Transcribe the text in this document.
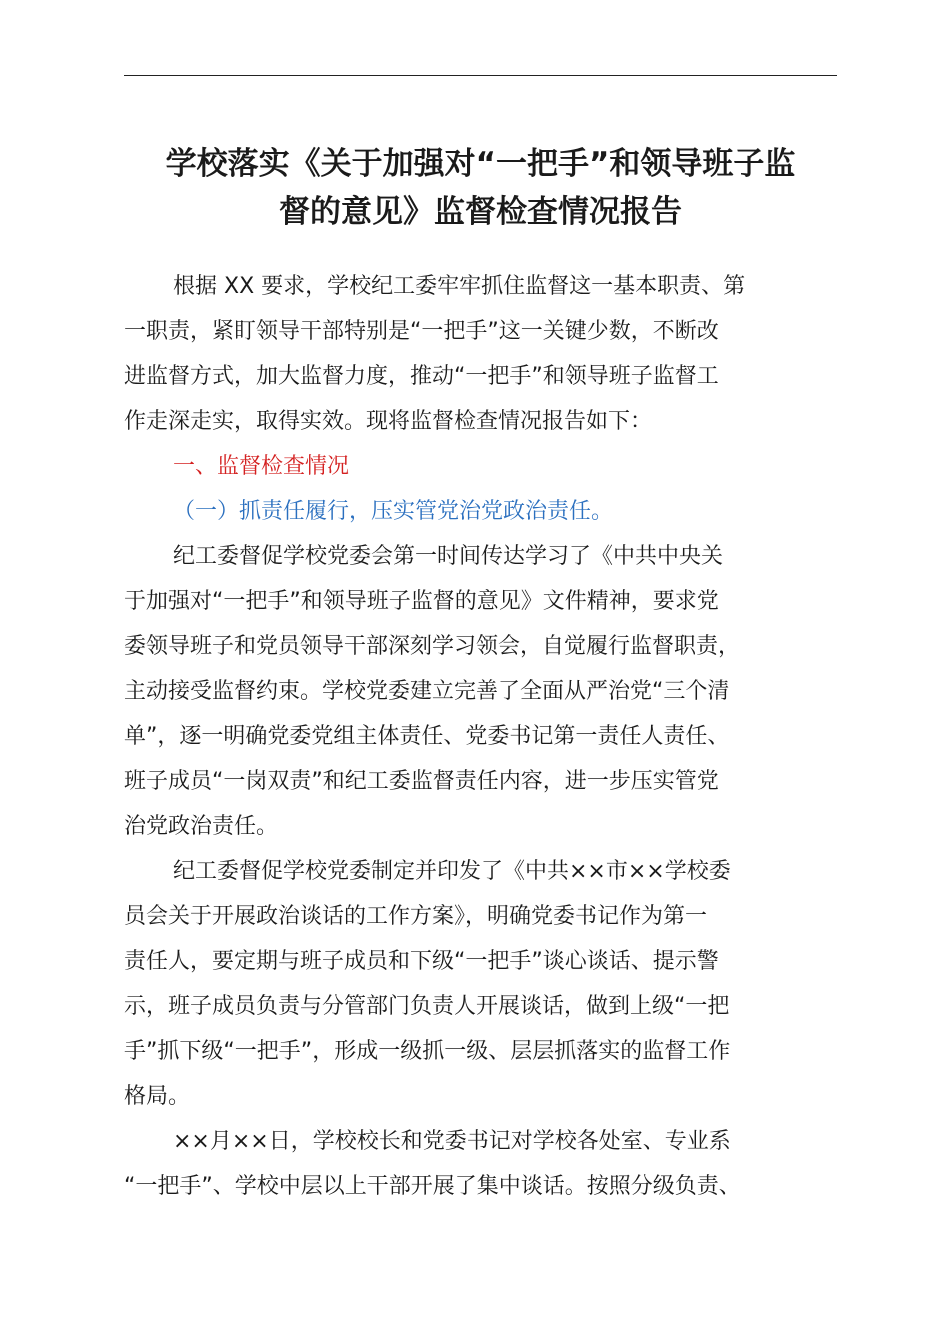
学校落实《关于加强对“一把手”和领导班子监
督的意见》监督检查情况报告
根据 XX 要求，学校纪工委牢牢抓住监督这一基本职责、第
一职责，紧盯领导干部特别是“一把手”这一关键少数，不断改
进监督方式，加大监督力度，推动“一把手”和领导班子监督工
作走深走实，取得实效。现将监督检查情况报告如下：
一、监督检查情况
（一）抓责任履行，压实管党治党政治责任。
纪工委督促学校党委会第一时间传达学习了《中共中央关
于加强对“一把手”和领导班子监督的意见》文件精神，要求党
委领导班子和党员领导干部深刻学习领会，自觉履行监督职责，
主动接受监督约束。学校党委建立完善了全面从严治党“三个清
单”，逐一明确党委党组主体责任、党委书记第一责任人责任、
班子成员“一岗双责”和纪工委监督责任内容，进一步压实管党
治党政治责任。
纪工委督促学校党委制定并印发了《中共××市××学校委
员会关于开展政治谈话的工作方案》，明确党委书记作为第一
责任人，要定期与班子成员和下级“一把手”谈心谈话、提示警
示，班子成员负责与分管部门负责人开展谈话，做到上级“一把
手”抓下级“一把手”，形成一级抓一级、层层抓落实的监督工作
格局。
××月××日，学校校长和党委书记对学校各处室、专业系
“一把手”、学校中层以上干部开展了集中谈话。按照分级负责、
